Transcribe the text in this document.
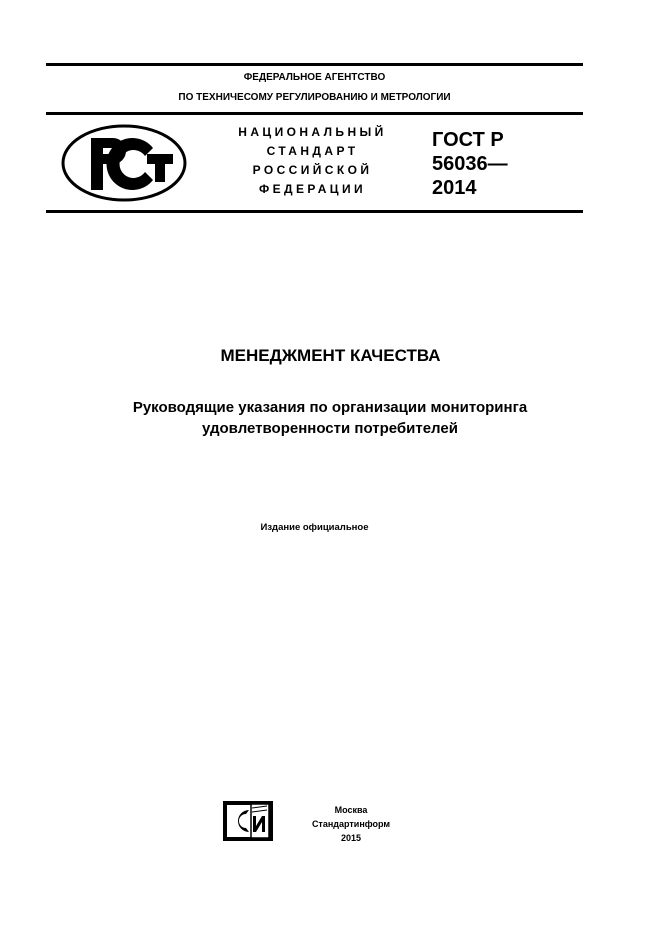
ФЕДЕРАЛЬНОЕ АГЕНТСТВО
ПО ТЕХНИЧЕСОМУ РЕГУЛИРОВАНИЮ И МЕТРОЛОГИИ
НАЦИОНАЛЬНЫЙ
СТАНДАРТ
РОССИЙСКОЙ
ФЕДЕРАЦИИ
ГОСТ Р
56036—
2014
МЕНЕДЖМЕНТ КАЧЕСТВА
Руководящие указания по организации мониторинга
удовлетворенности потребителей
Издание официальное
Москва
Стандартинформ
2015
